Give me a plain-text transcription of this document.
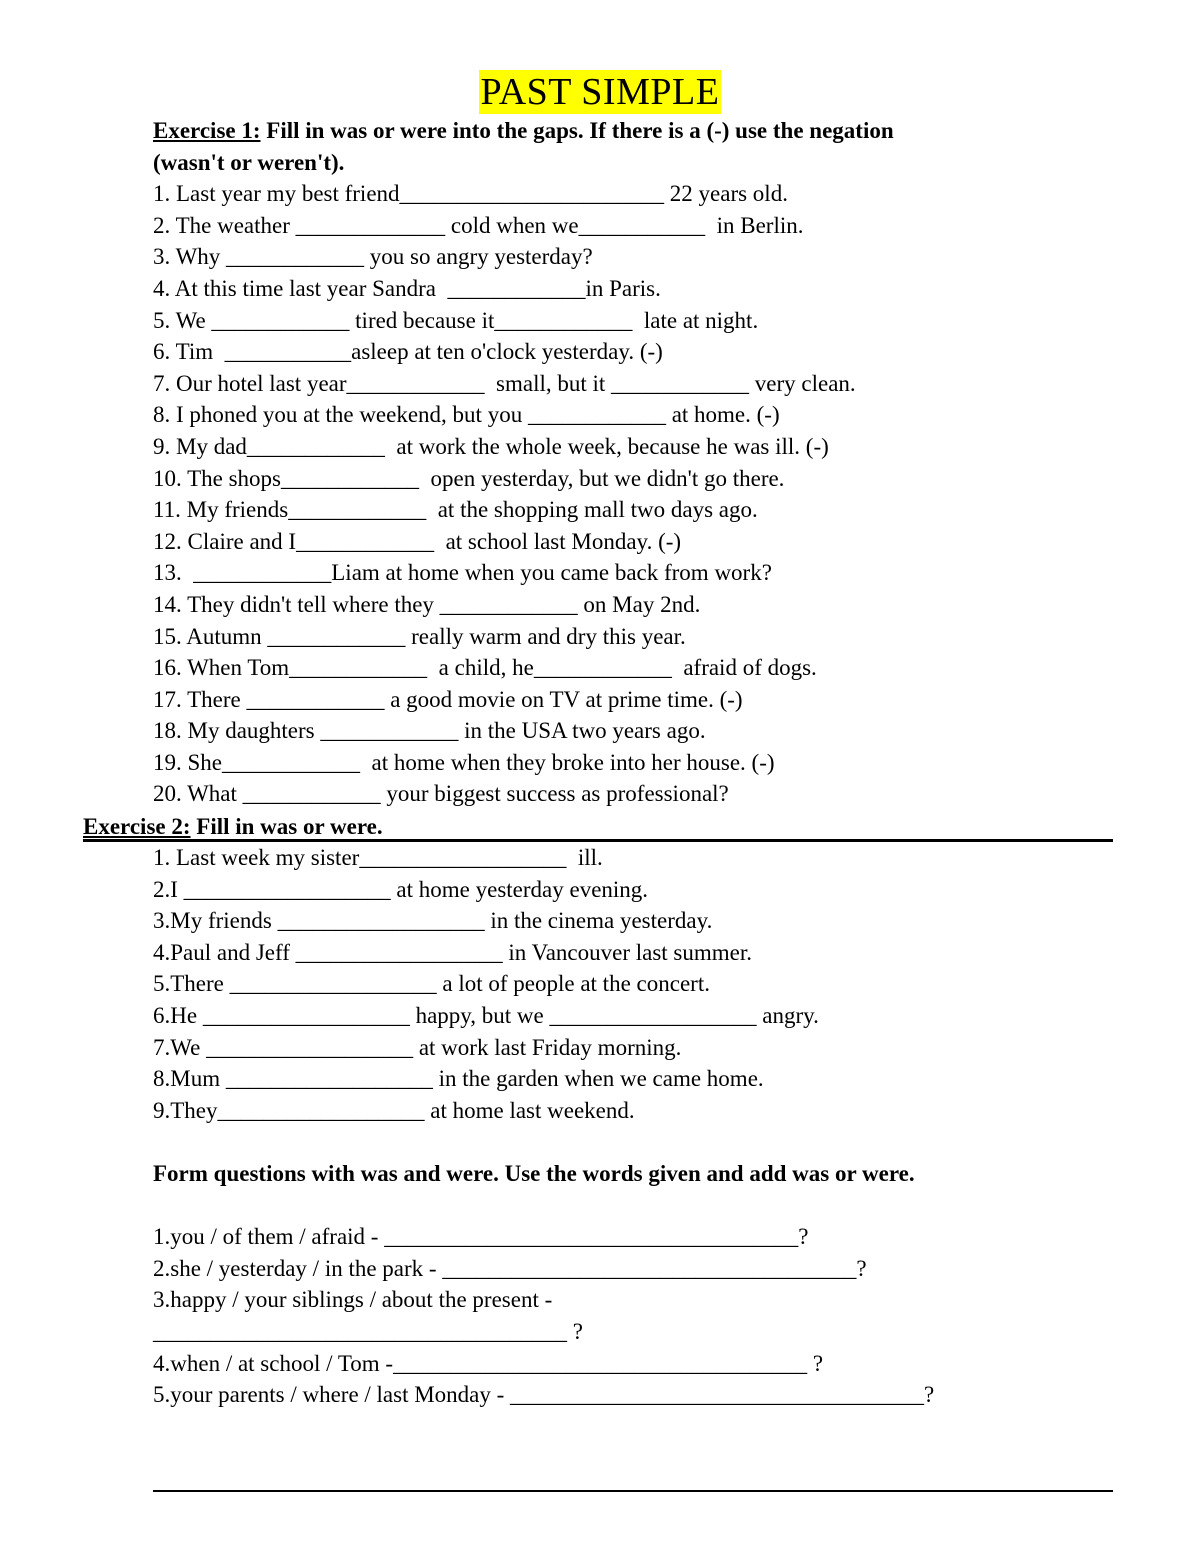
PAST SIMPLE
Exercise 1: Fill in was or were into the gaps. If there is a (-) use the negation
(wasn't or weren't).
1. Last year my best friend_______________________ 22 years old.
2. The weather _____________ cold when we___________  in Berlin.
3. Why ____________ you so angry yesterday?
4. At this time last year Sandra  ____________in Paris.
5. We ____________ tired because it____________  late at night.
6. Tim  ___________asleep at ten o'clock yesterday. (-)
7. Our hotel last year____________  small, but it ____________ very clean.
8. I phoned you at the weekend, but you ____________ at home. (-)
9. My dad____________  at work the whole week, because he was ill. (-)
10. The shops____________  open yesterday, but we didn't go there.
11. My friends____________  at the shopping mall two days ago.
12. Claire and I____________  at school last Monday. (-)
13.  ____________Liam at home when you came back from work?
14. They didn't tell where they ____________ on May 2nd.
15. Autumn ____________ really warm and dry this year.
16. When Tom____________  a child, he____________  afraid of dogs.
17. There ____________ a good movie on TV at prime time. (-)
18. My daughters ____________ in the USA two years ago.
19. She____________  at home when they broke into her house. (-)
20. What ____________ your biggest success as professional?
Exercise 2: Fill in was or were.
1. Last week my sister__________________  ill.
2.I __________________ at home yesterday evening.
3.My friends __________________ in the cinema yesterday.
4.Paul and Jeff __________________ in Vancouver last summer.
5.There __________________ a lot of people at the concert.
6.He __________________ happy, but we __________________ angry.
7.We __________________ at work last Friday morning.
8.Mum __________________ in the garden when we came home.
9.They__________________ at home last weekend.
Form questions with was and were. Use the words given and add was or were.
1.you / of them / afraid - ____________________________________?
2.she / yesterday / in the park - ____________________________________?
3.happy / your siblings / about the present -
____________________________________ ?
4.when / at school / Tom -____________________________________ ?
5.your parents / where / last Monday - ____________________________________?
